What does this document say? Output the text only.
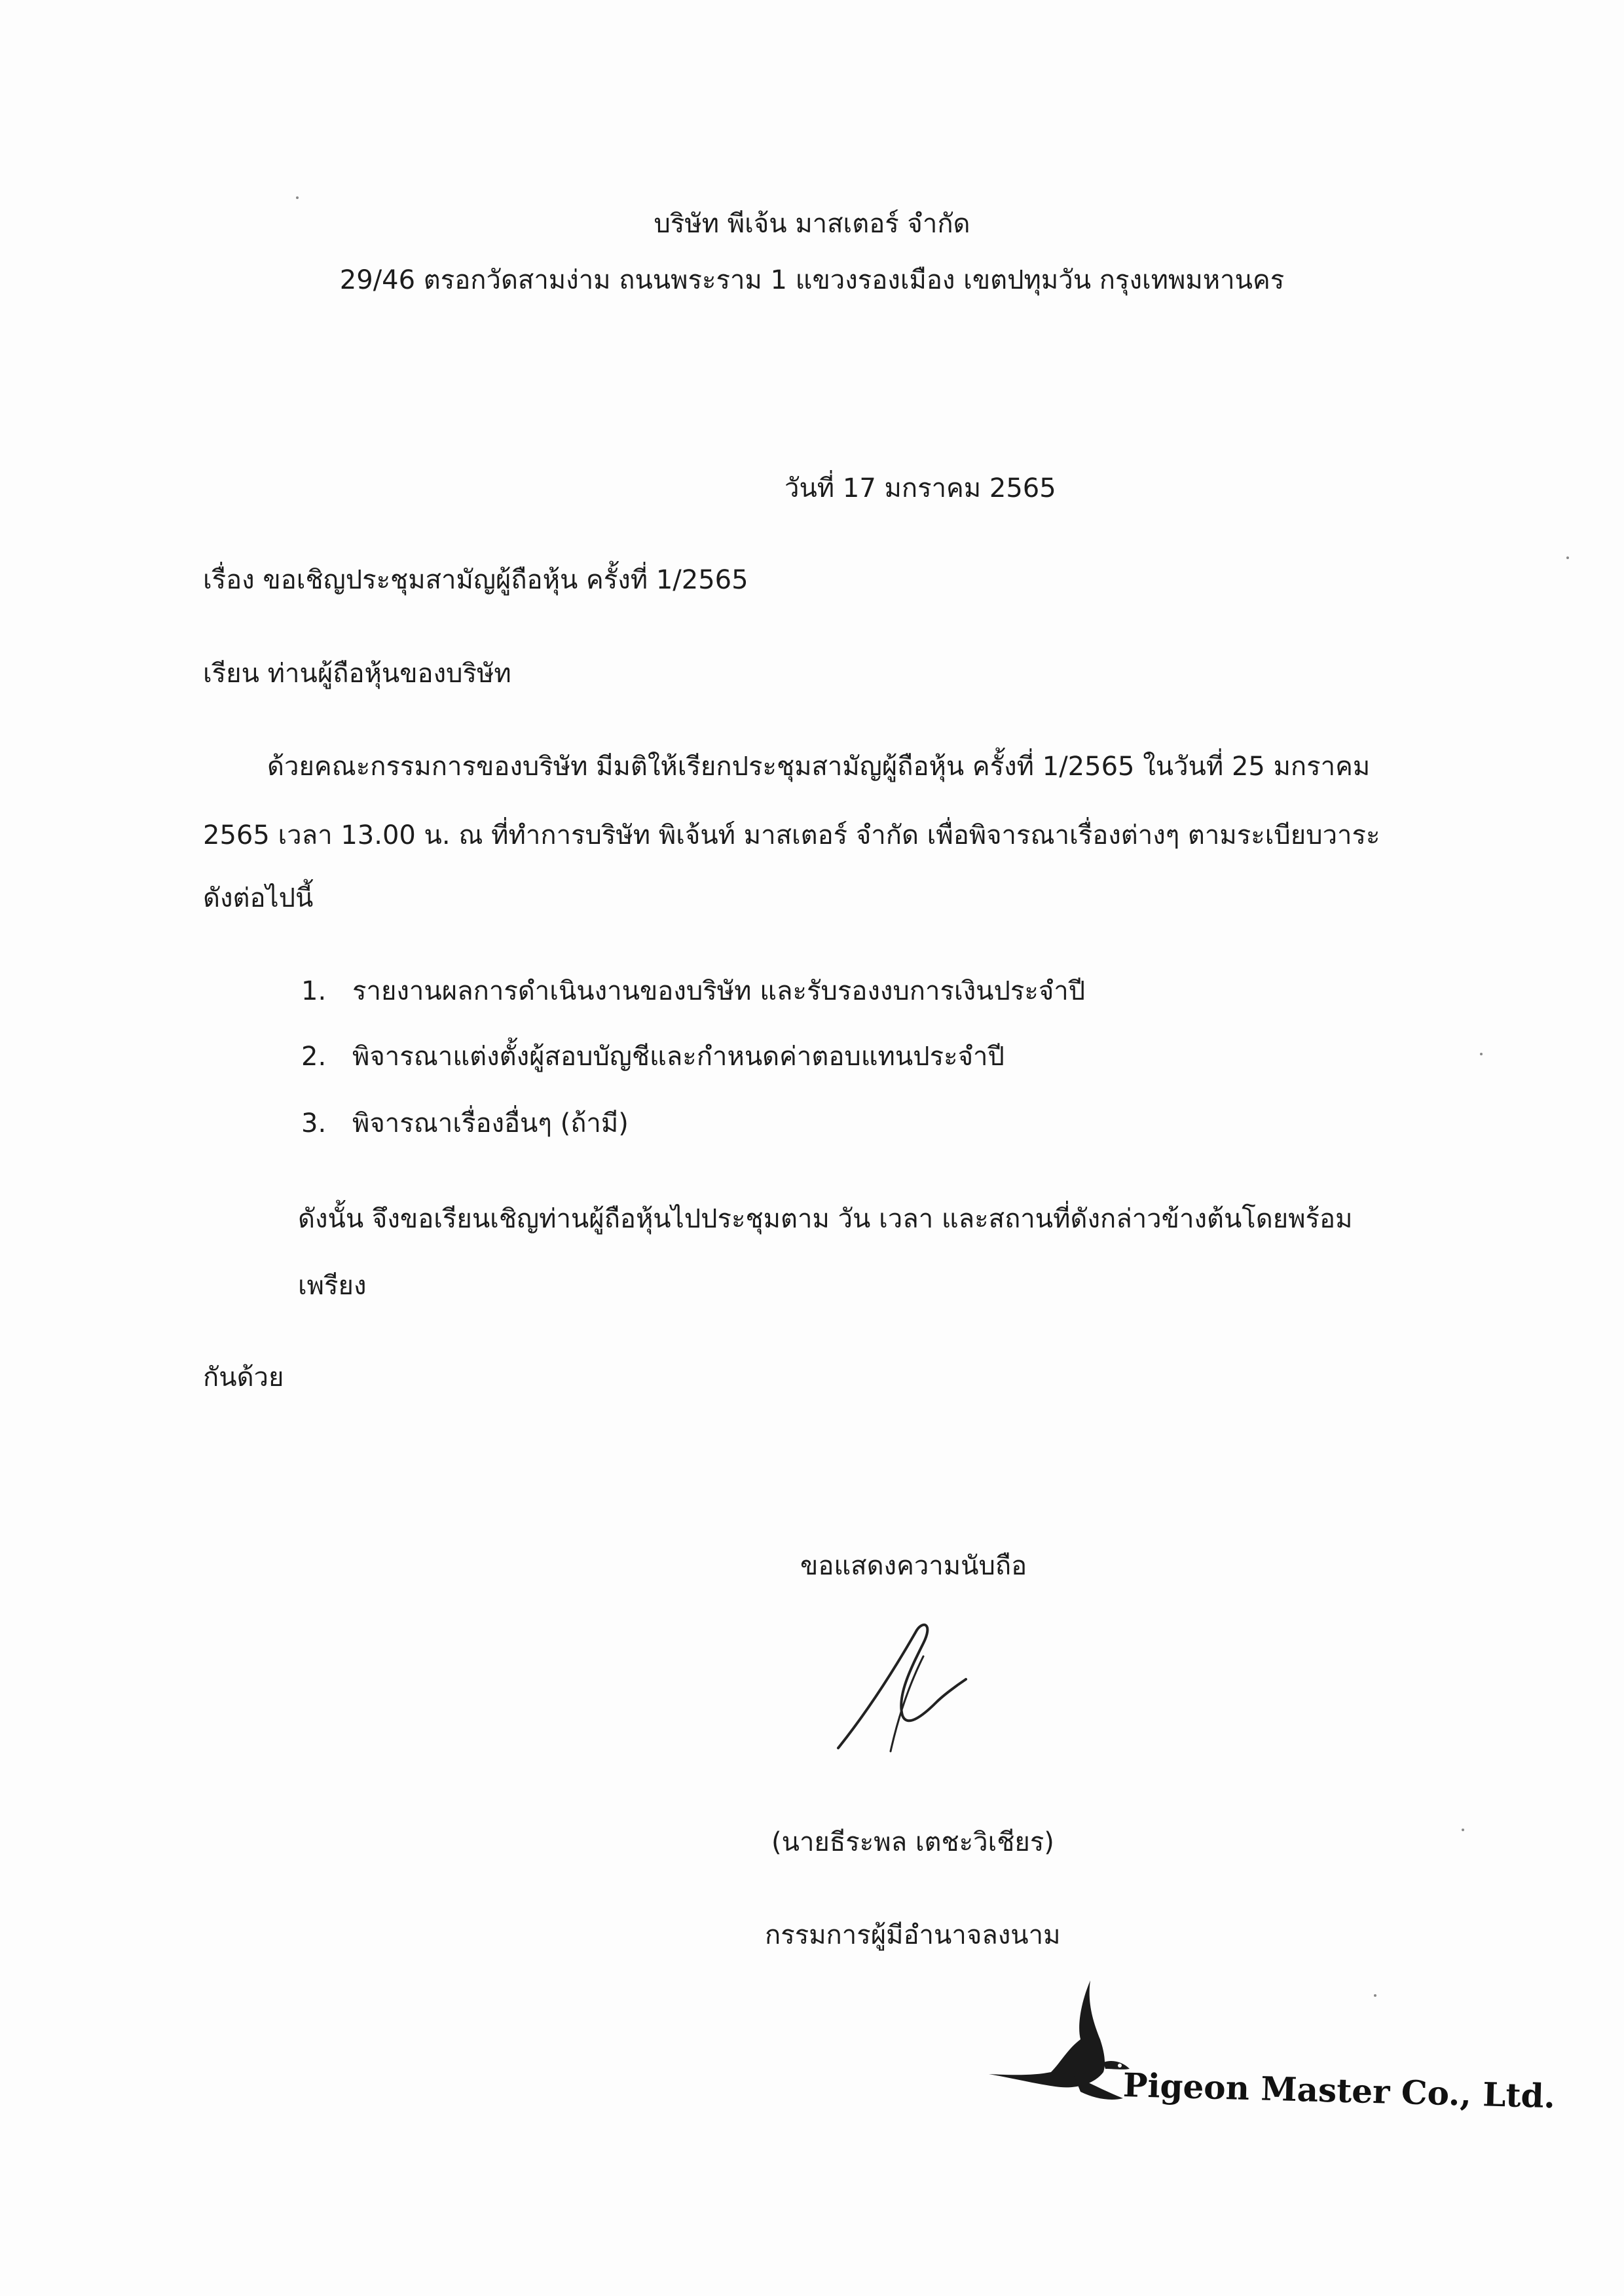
บริษัท พีเจ้น มาสเตอร์ จำกัด
29/46 ตรอกวัดสามง่าม ถนนพระราม 1 แขวงรองเมือง เขตปทุมวัน กรุงเทพมหานคร
วันที่ 17 มกราคม 2565
เรื่อง ขอเชิญประชุมสามัญผู้ถือหุ้น ครั้งที่ 1/2565
เรียน ท่านผู้ถือหุ้นของบริษัท
ด้วยคณะกรรมการของบริษัท มีมติให้เรียกประชุมสามัญผู้ถือหุ้น ครั้งที่ 1/2565 ในวันที่ 25 มกราคม
2565 เวลา 13.00 น. ณ ที่ทำการบริษัท พิเจ้นท์ มาสเตอร์ จำกัด เพื่อพิจารณาเรื่องต่างๆ ตามระเบียบวาระ
ดังต่อไปนี้
1. รายงานผลการดำเนินงานของบริษัท และรับรองงบการเงินประจำปี
2. พิจารณาแต่งตั้งผู้สอบบัญชีและกำหนดค่าตอบแทนประจำปี
3. พิจารณาเรื่องอื่นๆ (ถ้ามี)
ดังนั้น จึงขอเรียนเชิญท่านผู้ถือหุ้นไปประชุมตาม วัน เวลา และสถานที่ดังกล่าวข้างต้นโดยพร้อม
เพรียง
กันด้วย
ขอแสดงความนับถือ
(นายธีระพล เตชะวิเชียร)
กรรมการผู้มีอำนาจลงนาม
Pigeon Master Co., Ltd.
